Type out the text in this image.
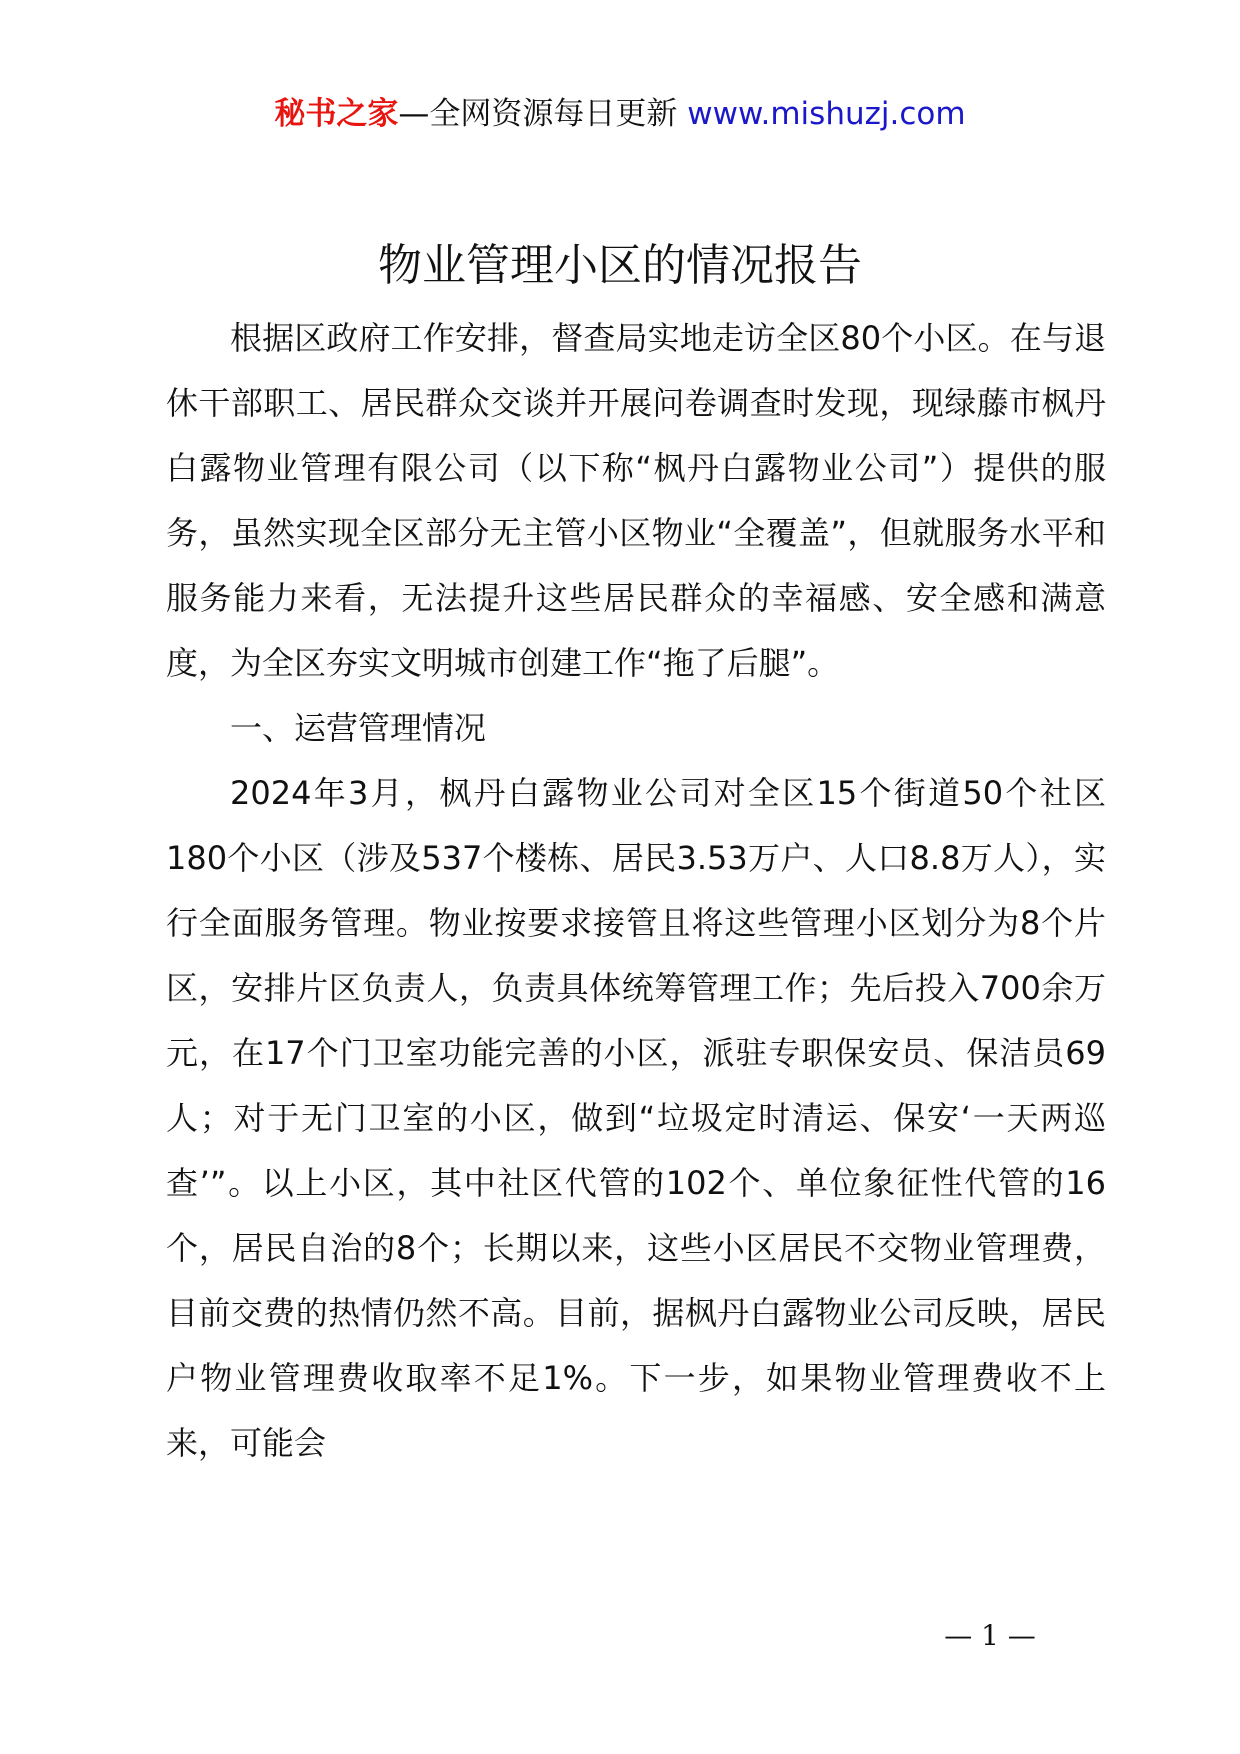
秘书之家—全网资源每日更新 www.mishuzj.com
物业管理小区的情况报告

根据区政府工作安排，督查局实地走访全区80个小区。在与退休干部职工、居民群众交谈并开展问卷调查时发现，现绿藤市枫丹白露物业管理有限公司（以下称“枫丹白露物业公司”）提供的服务，虽然实现全区部分无主管小区物业“全覆盖”，但就服务水平和服务能力来看，无法提升这些居民群众的幸福感、安全感和满意度，为全区夯实文明城市创建工作“拖了后腿”。

一、运营管理情况

2024年3月，枫丹白露物业公司对全区15个街道50个社区180个小区（涉及537个楼栋、居民3.53万户、人口8.8万人），实行全面服务管理。物业按要求接管且将这些管理小区划分为8个片区，安排片区负责人，负责具体统筹管理工作；先后投入700余万元，在17个门卫室功能完善的小区，派驻专职保安员、保洁员69人；对于无门卫室的小区，做到“垃圾定时清运、保安‘一天两巡查’”。以上小区，其中社区代管的102个、单位象征性代管的16个，居民自治的8个；长期以来，这些小区居民不交物业管理费，目前交费的热情仍然不高。目前，据枫丹白露物业公司反映，居民户物业管理费收取率不足1%。下一步，如果物业管理费收不上来，可能会

— 1 —
